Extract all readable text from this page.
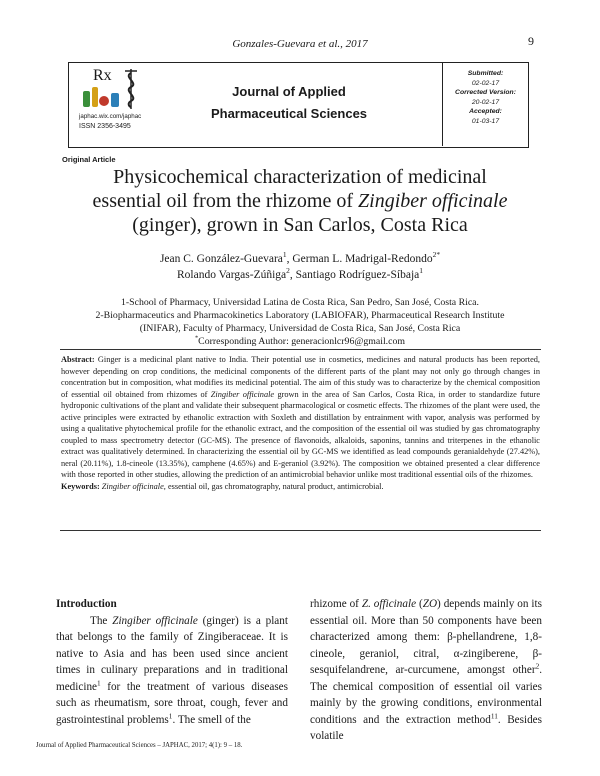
Gonzales-Guevara et al., 2017	9
Rx
japhac.wix.com/japhac
ISSN 2356-3495
Journal of Applied
Pharmaceutical Sciences
Submitted:
02-02-17
Corrected Version:
20-02-17
Accepted:
01-03-17
Original Article
Physicochemical characterization of medicinal
essential oil from the rhizome of Zingiber officinale
(ginger), grown in San Carlos, Costa Rica
Jean C. González-Guevara$^1$, German L. Madrigal-Redondo$^{2*}$
Rolando Vargas-Zúñiga$^2$, Santiago Rodríguez-Síbaja$^1$
1-School of Pharmacy, Universidad Latina de Costa Rica, San Pedro, San José, Costa Rica.
2-Biopharmaceutics and Pharmacokinetics Laboratory (LABIOFAR), Pharmaceutical Research Institute
(INIFAR), Faculty of Pharmacy, Universidad de Costa Rica, San José, Costa Rica
*Corresponding Author: generacionlcr96@gmail.com
Abstract: Ginger is a medicinal plant native to India. Their potential use in cosmetics, medicines and natural products has been reported, however depending on crop conditions, the medicinal components of the different parts of the plant may not only go through changes in concentration but in composition, what modifies its medicinal potential. The aim of this study was to characterize by the chemical composition of essential oil obtained from rhizomes of Zingiber officinale grown in the area of San Carlos, Costa Rica, in order to standardize future hydroponic cultivations of the plant and validate their subsequent pharmacological or cosmetic effects. The rhizomes of the plant were used, the active principles were extracted by ethanolic extraction with Soxleth and distillation by entrainment with vapor, analysis was performed by using a qualitative phytochemical profile for the ethanolic extract, and the composition of the essential oil was studied by gas chromatography coupled to mass spectrometry detector (GC-MS). The presence of flavonoids, alkaloids, saponins, tannins and triterpenes in the ethanolic extract was qualitatively determined. In characterizing the essential oil by GC-MS we identified as lead compounds geranialdehyde (27.42%), neral (20.11%), 1.8-cineole (13.35%), camphene (4.65%) and E-geraniol (3.92%). The composition we obtained presented a clear difference with those reported in other studies, allowing the prediction of an antimicrobial behavior unlike most traditional essential oils of the rhizomes.
Keywords: Zingiber officinale, essential oil, gas chromatography, natural product, antimicrobial.
Introduction
The Zingiber officinale (ginger) is a plant that belongs to the family of Zingiberaceae. It is native to Asia and has been used since ancient times in culinary preparations and in traditional medicine$^1$ for the treatment of various diseases such as rheumatism, sore throat, cough, fever and gastrointestinal problems$^1$. The smell of the
rhizome of Z. officinale (ZO) depends mainly on its essential oil. More than 50 components have been characterized among them: β-phellandrene, 1,8-cineole, geraniol, citral, α-zingiberene, β-sesquifelandrene, ar-curcumene, amongst other$^2$. The chemical composition of essential oil varies mainly by the growing conditions, environmental conditions and the extraction method$^{11}$. Besides volatile
Journal of Applied Pharmaceutical Sciences – JAPHAC, 2017; 4(1): 9 – 18.
